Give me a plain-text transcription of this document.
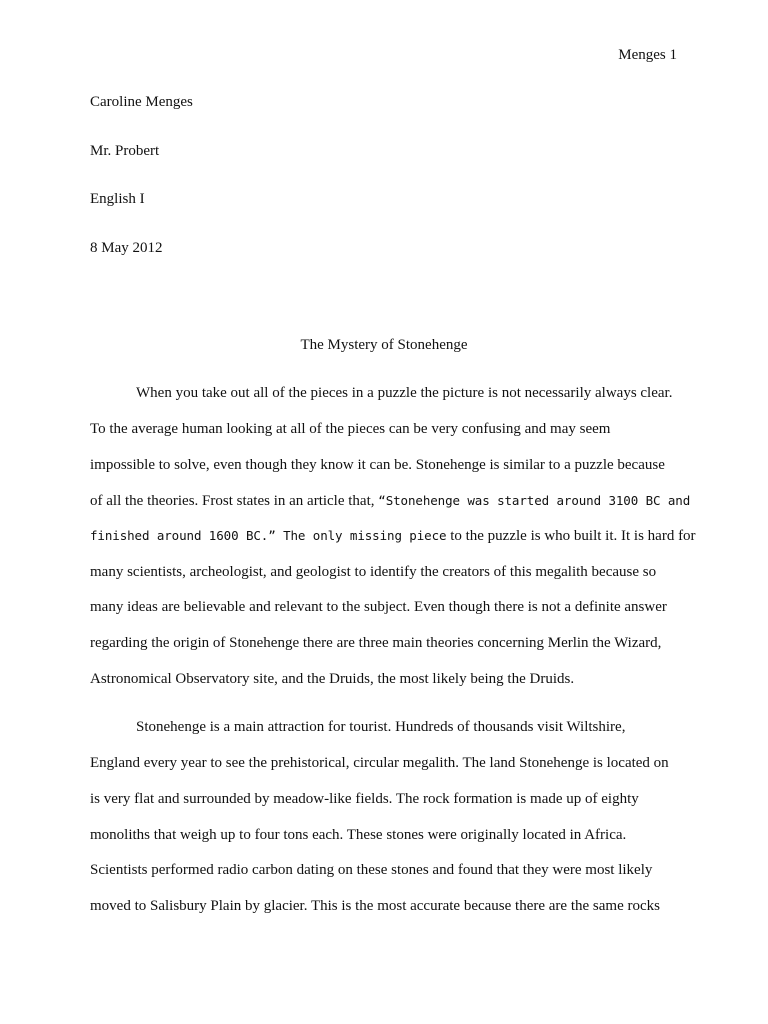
Menges 1
Caroline Menges
Mr. Probert
English I
8 May 2012
The Mystery of Stonehenge
When you take out all of the pieces in a puzzle the picture is not necessarily always clear.
To the average human looking at all of the pieces can be very confusing and may seem
impossible to solve, even though they know it can be. Stonehenge is similar to a puzzle because
of all the theories. Frost states in an article that, “Stonehenge was started around 3100 BC and
finished around 1600 BC.” The only missing piece to the puzzle is who built it. It is hard for
many scientists, archeologist, and geologist to identify the creators of this megalith because so
many ideas are believable and relevant to the subject. Even though there is not a definite answer
regarding the origin of Stonehenge there are three main theories concerning Merlin the Wizard,
Astronomical Observatory site, and the Druids, the most likely being the Druids.
Stonehenge is a main attraction for tourist. Hundreds of thousands visit Wiltshire,
England every year to see the prehistorical, circular megalith. The land Stonehenge is located on
is very flat and surrounded by meadow-like fields. The rock formation is made up of eighty
monoliths that weigh up to four tons each. These stones were originally located in Africa.
Scientists performed radio carbon dating on these stones and found that they were most likely
moved to Salisbury Plain by glacier. This is the most accurate because there are the same rocks
